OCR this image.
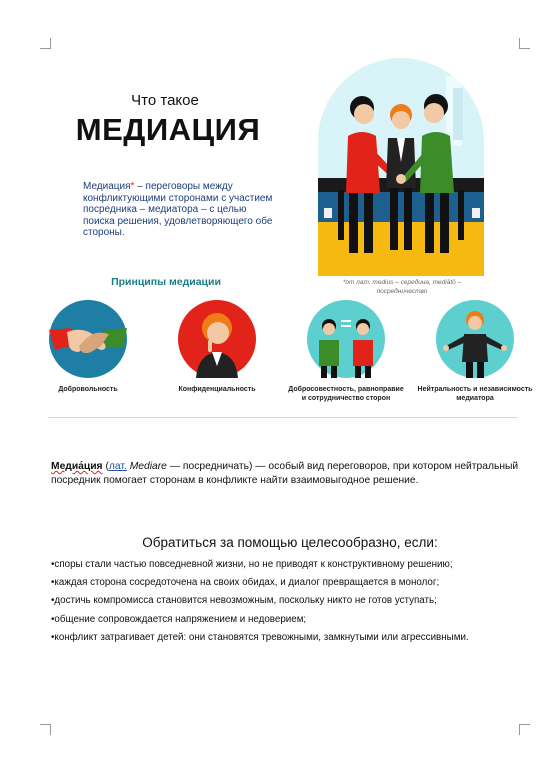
Что такое
МЕДИАЦИЯ
Медиация* – переговоры между конфликтующими сторонами с участием посредника – медиатора – с целью поиска решения, удовлетворяющего обе стороны.
*от лат. medius – середина, mediātō – посредничество
Принципы медиации
Добровольность	Конфиденциальность	Добросовестность, равноправие и сотрудничество сторон
Нейтральность и независимость медиатора
Медиа́ция (лат. Mediare — посредничать) — особый вид переговоров, при котором нейтральный посредник помогает сторонам в конфликте найти взаимовыгодное решение.
Обратиться за помощью целесообразно, если:
•споры стали частью повседневной жизни, но не приводят к конструктивному решению;
•каждая сторона сосредоточена на своих обидах, и диалог превращается в монолог;
•достичь компромисса становится невозможным, поскольку никто не готов уступать;
•общение сопровождается напряжением и недоверием;
•конфликт затрагивает детей: они становятся тревожными, замкнутыми или агрессивными.
